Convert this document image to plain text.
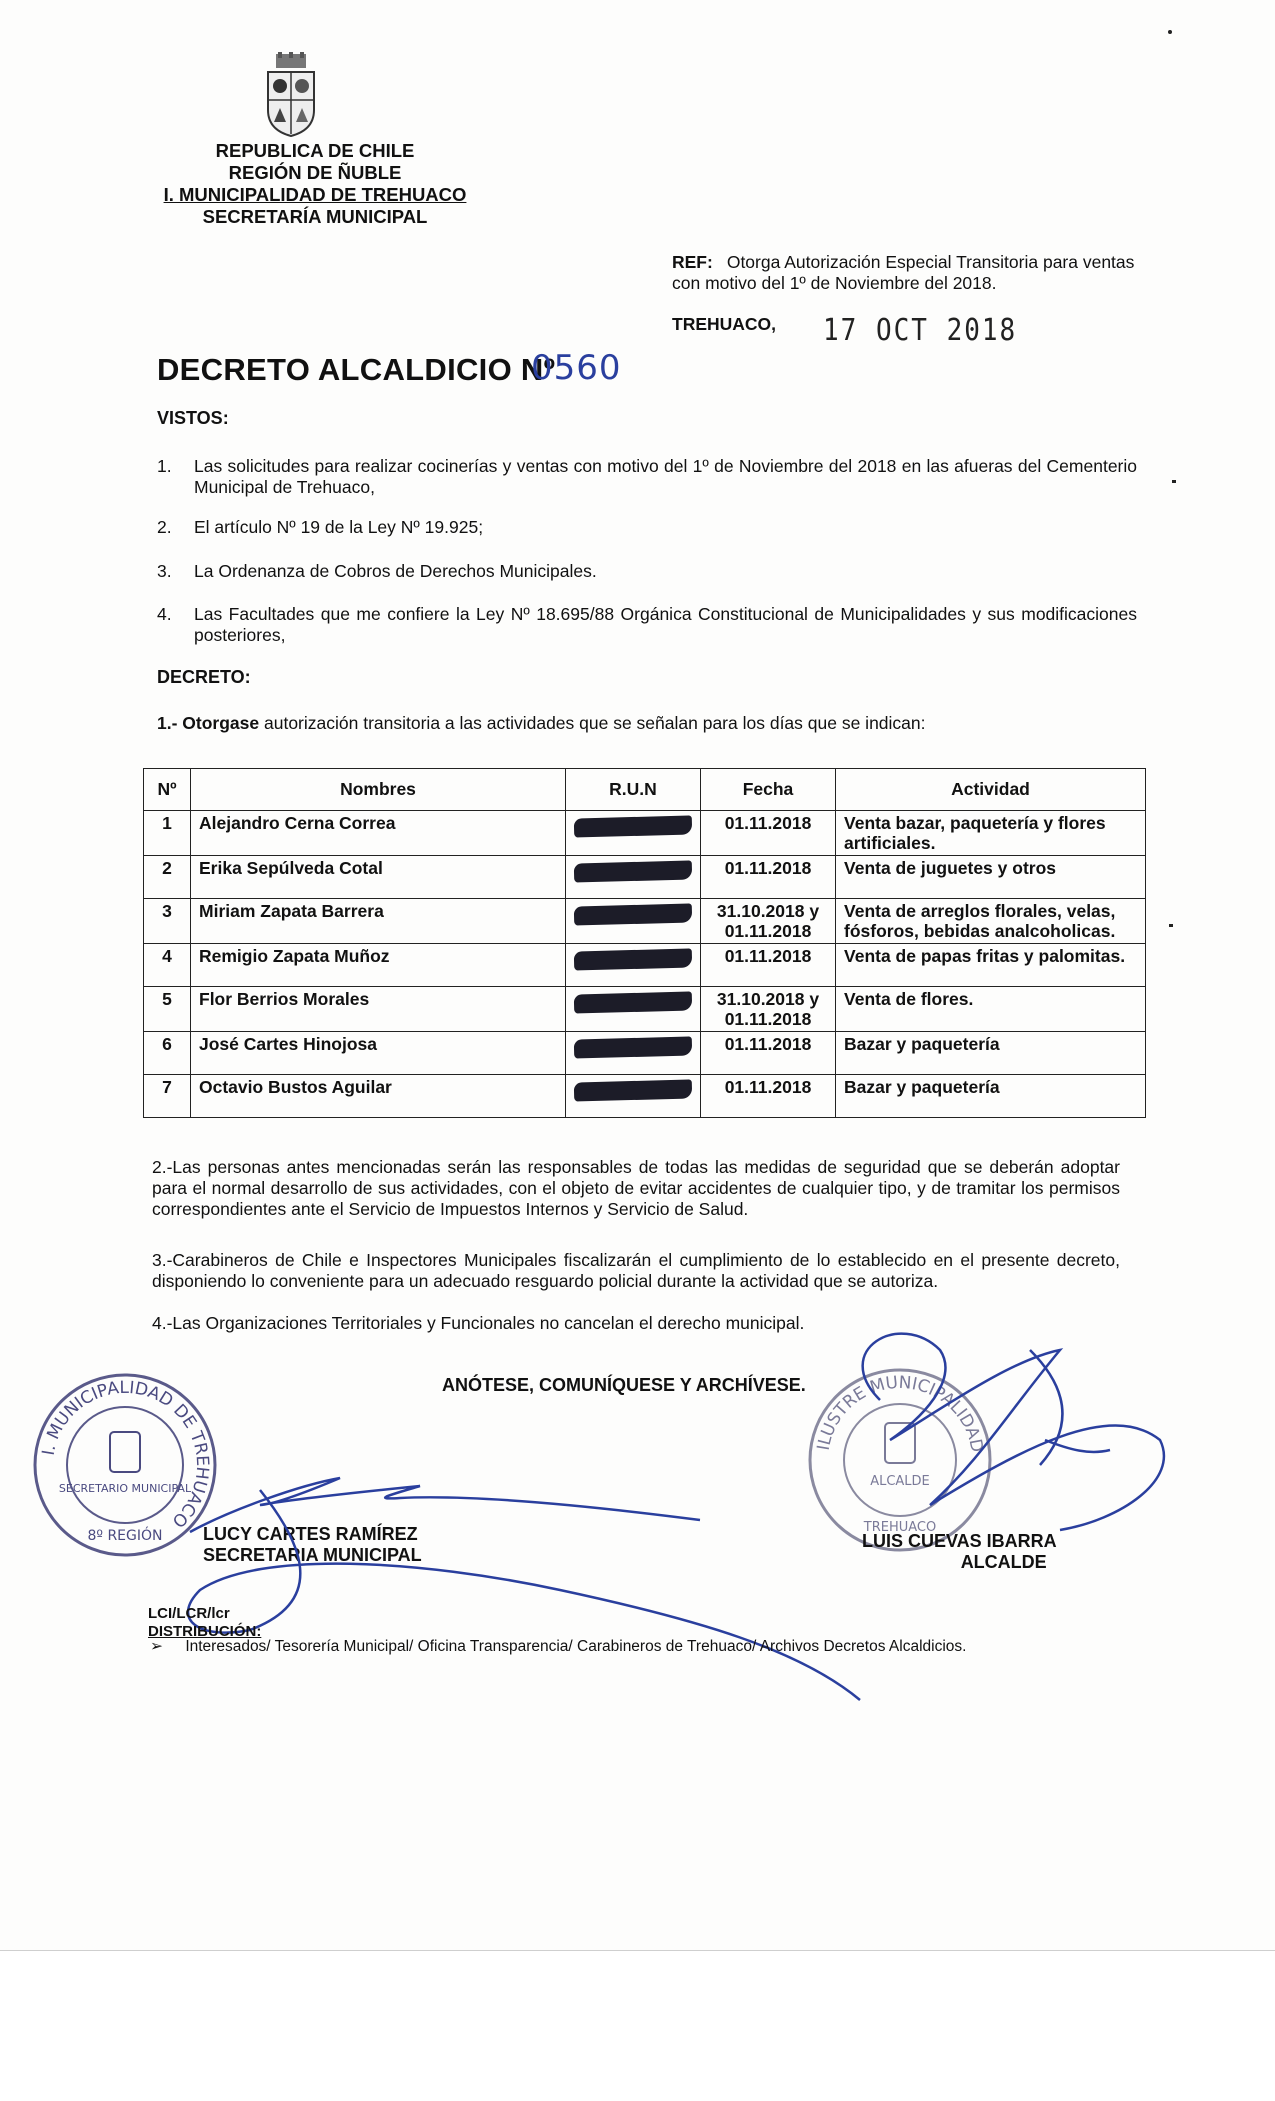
REPUBLICA DE CHILE
REGIÓN DE ÑUBLE
I. MUNICIPALIDAD DE TREHUACO
SECRETARÍA MUNICIPAL
REF: Otorga Autorización Especial Transitoria para ventas con motivo del 1º de Noviembre del 2018.
TREHUACO, 17 OCT 2018
DECRETO ALCALDICIO Nº
0560
VISTOS:
1. Las solicitudes para realizar cocinerías y ventas con motivo del 1º de Noviembre del 2018 en las afueras del Cementerio Municipal de Trehuaco,
2. El artículo Nº 19 de la Ley Nº 19.925;
3. La Ordenanza de Cobros de Derechos Municipales.
4. Las Facultades que me confiere la Ley Nº 18.695/88 Orgánica Constitucional de Municipalidades y sus modificaciones posteriores,
DECRETO:
1.- Otorgase autorización transitoria a las actividades que se señalan para los días que se indican:
Nº	Nombres	R.U.N	Fecha	Actividad
1	Alejandro Cerna Correa		01.11.2018	Venta bazar, paquetería y flores artificiales.
2	Erika Sepúlveda Cotal		01.11.2018	Venta de juguetes y otros
3	Miriam Zapata Barrera		31.10.2018 y 01.11.2018	Venta de arreglos florales, velas, fósforos, bebidas analcoholicas.
4	Remigio Zapata Muñoz		01.11.2018	Venta de papas fritas y palomitas.
5	Flor Berrios Morales		31.10.2018 y 01.11.2018	Venta de flores.
6	José Cartes Hinojosa		01.11.2018	Bazar y paquetería
7	Octavio Bustos Aguilar		01.11.2018	Bazar y paquetería
2.-Las personas antes mencionadas serán las responsables de todas las medidas de seguridad que se deberán adoptar para el normal desarrollo de sus actividades, con el objeto de evitar accidentes de cualquier tipo, y de tramitar los permisos correspondientes ante el Servicio de Impuestos Internos y Servicio de Salud.
3.-Carabineros de Chile e Inspectores Municipales fiscalizarán el cumplimiento de lo establecido en el presente decreto, disponiendo lo conveniente para un adecuado resguardo policial durante la actividad que se autoriza.
4.-Las Organizaciones Territoriales y Funcionales no cancelan el derecho municipal.
ANÓTESE, COMUNÍQUESE Y ARCHÍVESE.
I. MUNICIPALIDAD DE TREHUACO
SECRETARIO MUNICIPAL
8º REGIÓN
ILUSTRE MUNICIPALIDAD
ALCALDE
TREHUACO
LUCY CARTES RAMÍREZ
SECRETARIA MUNICIPAL
LUIS CUEVAS IBARRA
ALCALDE
LCI/LCR/lcr
DISTRIBUCIÓN:
➢ Interesados/ Tesorería Municipal/ Oficina Transparencia/ Carabineros de Trehuaco/ Archivos Decretos Alcaldicios.
